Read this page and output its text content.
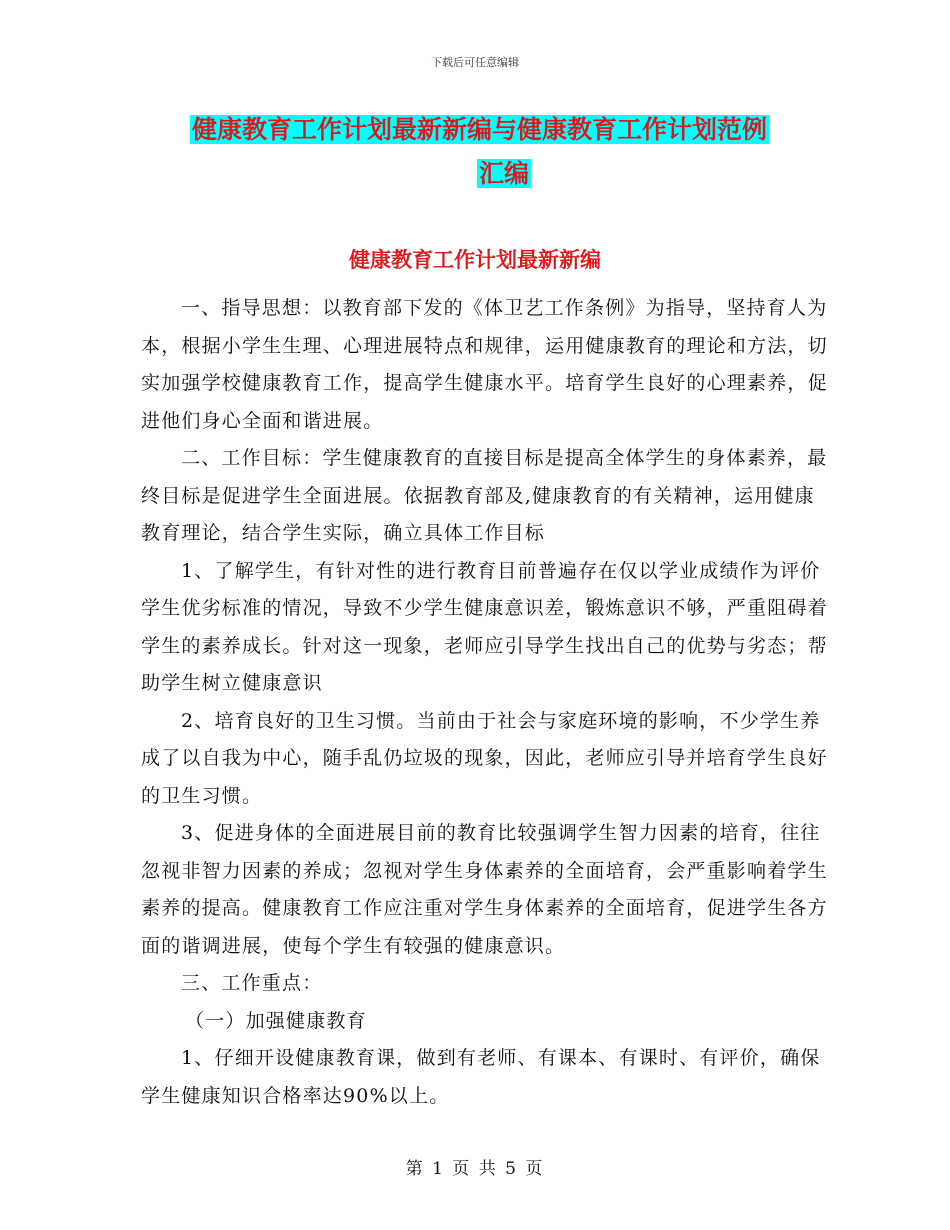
下载后可任意编辑
健康教育工作计划最新新编与健康教育工作计划范例
汇编
健康教育工作计划最新新编

一、指导思想：以教育部下发的《体卫艺工作条例》为指导，坚持育人为本，根据小学生生理、心理进展特点和规律，运用健康教育的理论和方法，切实加强学校健康教育工作，提高学生健康水平。培育学生良好的心理素养，促进他们身心全面和谐进展。

二、工作目标：学生健康教育的直接目标是提高全体学生的身体素养，最终目标是促进学生全面进展。依据教育部及,健康教育的有关精神，运用健康教育理论，结合学生实际，确立具体工作目标

1、了解学生，有针对性的进行教育目前普遍存在仅以学业成绩作为评价学生优劣标准的情况，导致不少学生健康意识差，锻炼意识不够，严重阻碍着学生的素养成长。针对这一现象，老师应引导学生找出自己的优势与劣态；帮助学生树立健康意识

2、培育良好的卫生习惯。当前由于社会与家庭环境的影响，不少学生养成了以自我为中心，随手乱仍垃圾的现象，因此，老师应引导并培育学生良好的卫生习惯。

3、促进身体的全面进展目前的教育比较强调学生智力因素的培育，往往忽视非智力因素的养成；忽视对学生身体素养的全面培育，会严重影响着学生素养的提高。健康教育工作应注重对学生身体素养的全面培育，促进学生各方面的谐调进展，使每个学生有较强的健康意识。

三、工作重点：

（一）加强健康教育

1、仔细开设健康教育课，做到有老师、有课本、有课时、有评价，确保学生健康知识合格率达90%以上。

第 1 页 共 5 页
